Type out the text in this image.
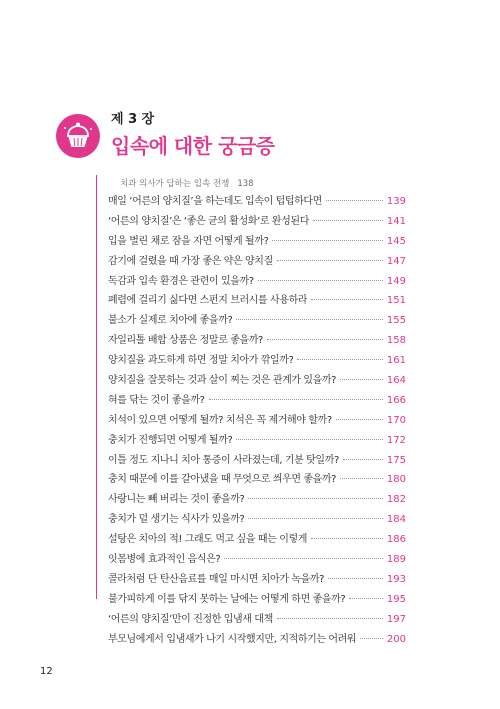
제 3 장
입속에 대한 궁금증
치과 의사가 답하는 입속 전쟁 138
매일 ‘어른의 양치질’을 하는데도 입속이 텁텁하다면	139
‘어른의 양치질’은 ‘좋은 균의 활성화’로 완성된다	141
입을 벌린 채로 잠을 자면 어떻게 될까?	145
감기에 걸렸을 때 가장 좋은 약은 양치질	147
독감과 입속 환경은 관련이 있을까?	149
폐렴에 걸리기 싫다면 스펀지 브러시를 사용하라	151
불소가 실제로 치아에 좋을까?	155
자일리톨 배합 상품은 정말로 좋을까?	158
양치질을 과도하게 하면 정말 치아가 깎일까?	161
양치질을 잘못하는 것과 살이 찌는 것은 관계가 있을까?	164
혀를 닦는 것이 좋을까?	166
치석이 있으면 어떻게 될까? 치석은 꼭 제거해야 할까?	170
충치가 진행되면 어떻게 될까?	172
이틀 정도 지나니 치아 통증이 사라졌는데, 기분 탓일까?	175
충치 때문에 이를 갈아냈을 때 무엇으로 씌우면 좋을까?	180
사랑니는 빼 버리는 것이 좋을까?	182
충치가 덜 생기는 식사가 있을까?	184
설탕은 치아의 적! 그래도 먹고 싶을 때는 이렇게	186
잇몸병에 효과적인 음식은?	189
콜라처럼 단 탄산음료를 매일 마시면 치아가 녹을까?	193
불가피하게 이를 닦지 못하는 날에는 어떻게 하면 좋을까?	195
‘어른의 양치질’만이 진정한 입냄새 대책	197
부모님에게서 입냄새가 나기 시작했지만, 지적하기는 어려워	200
12
